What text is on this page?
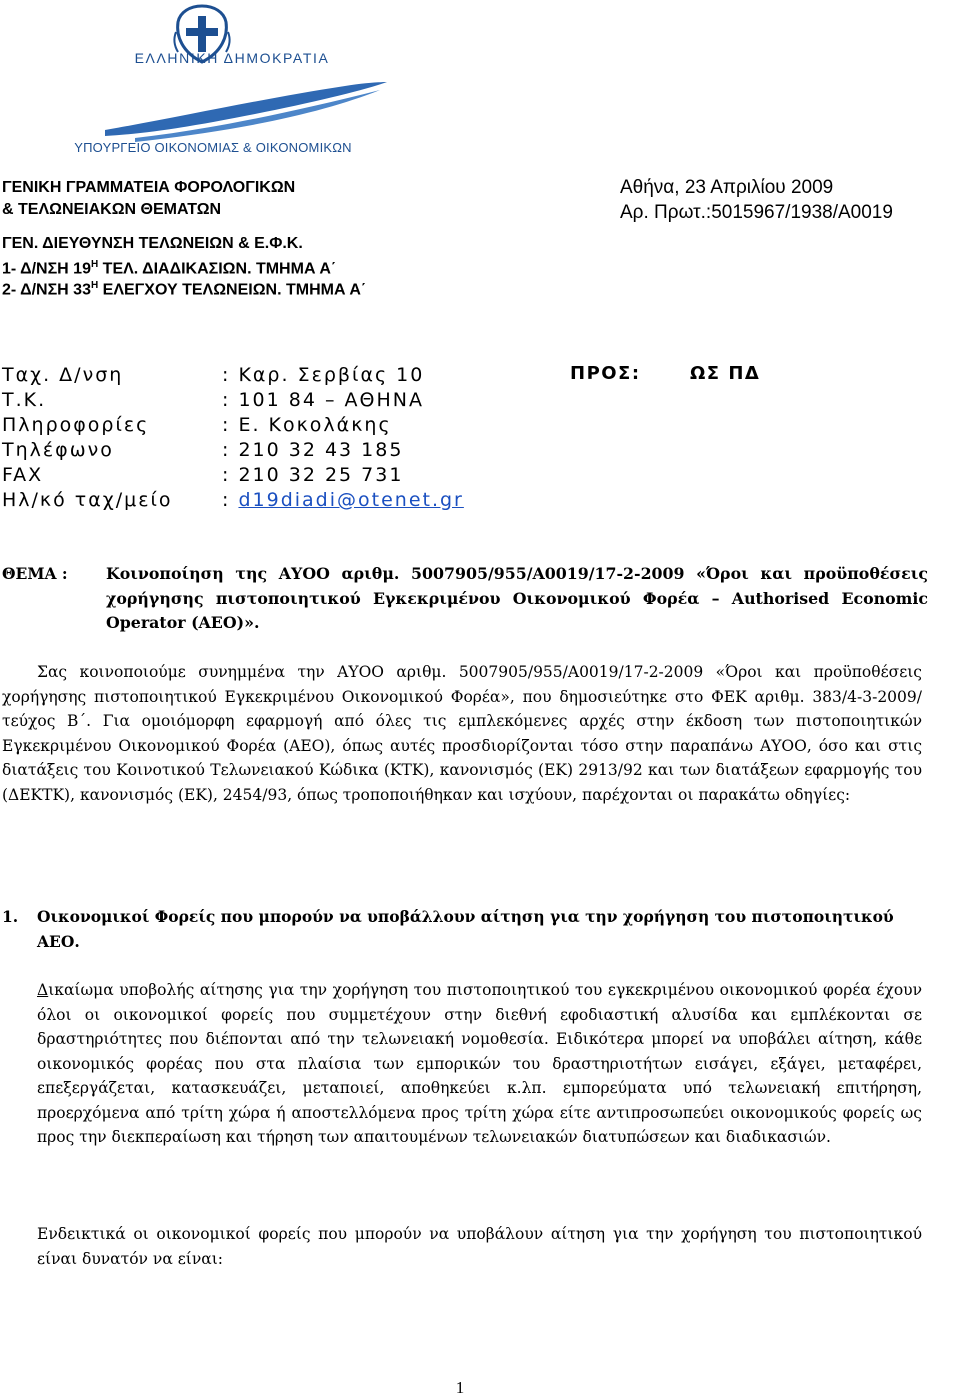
ΕΛΛΗΝΙΚΗ ΔΗΜΟΚΡΑΤΙΑ
ΥΠΟΥΡΓΕΙΟ ΟΙΚΟΝΟΜΙΑΣ & ΟΙΚΟΝΟΜΙΚΩΝ
ΓΕΝΙΚΗ ΓΡΑΜΜΑΤΕΙΑ ΦΟΡΟΛΟΓΙΚΩΝ
& ΤΕΛΩΝΕΙΑΚΩΝ ΘΕΜΑΤΩΝ
ΓΕΝ. ΔΙΕΥΘΥΝΣΗ ΤΕΛΩΝΕΙΩΝ & Ε.Φ.Κ.
1- Δ/ΝΣΗ $19^H$ ΤΕΛ. ΔΙΑΔΙΚΑΣΙΩΝ. ΤΜΗΜΑ Α΄
2- Δ/ΝΣΗ $33^H$ ΕΛΕΓΧΟΥ ΤΕΛΩΝΕΙΩΝ. ΤΜΗΜΑ Α΄
Αθήνα, 23 Απριλίου 2009
Αρ. Πρωτ.:5015967/1938/Α0019
Ταχ. Δ/νση	: Καρ. Σερβίας 10
Τ.Κ.	: 101 84 – ΑΘΗΝΑ
Πληροφορίες	: Ε. Κοκολάκης
Τηλέφωνο	: 210 32 43 185
FAX	: 210 32 25 731
Ηλ/κό ταχ/μείο	: d19diadi@otenet.gr
ΠΡΟΣ:	ΩΣ ΠΔ
ΘΕΜΑ : Κοινοποίηση της ΑΥΟΟ αριθμ. 5007905/955/Α0019/17-2-2009 «Όροι και προϋποθέσεις χορήγησης πιστοποιητικού Εγκεκριμένου Οικονομικού Φορέα – Authorised Economic Operator (AEO)».
Σας κοινοποιούμε συνημμένα την ΑΥΟΟ αριθμ. 5007905/955/Α0019/17-2-2009 «Όροι και προϋποθέσεις χορήγησης πιστοποιητικού Εγκεκριμένου Οικονομικού Φορέα», που δημοσιεύτηκε στο ΦΕΚ αριθμ. 383/4-3-2009/τεύχος Β΄. Για ομοιόμορφη εφαρμογή από όλες τις εμπλεκόμενες αρχές στην έκδοση των πιστοποιητικών Εγκεκριμένου Οικονομικού Φορέα (ΑΕΟ), όπως αυτές προσδιορίζονται τόσο στην παραπάνω ΑΥΟΟ, όσο και στις διατάξεις του Κοινοτικού Τελωνειακού Κώδικα (ΚΤΚ), κανονισμός (ΕΚ) 2913/92 και των διατάξεων εφαρμογής του (ΔΕΚΤΚ), κανονισμός (ΕΚ), 2454/93, όπως τροποποιήθηκαν και ισχύουν, παρέχονται οι παρακάτω οδηγίες:
1. Οικονομικοί Φορείς που μπορούν να υποβάλλουν αίτηση για την χορήγηση του πιστοποιητικού ΑΕΟ.
Δικαίωμα υποβολής αίτησης για την χορήγηση του πιστοποιητικού του εγκεκριμένου οικονομικού φορέα έχουν όλοι οι οικονομικοί φορείς που συμμετέχουν στην διεθνή εφοδιαστική αλυσίδα και εμπλέκονται σε δραστηριότητες που διέπονται από την τελωνειακή νομοθεσία. Ειδικότερα μπορεί να υποβάλει αίτηση, κάθε οικονομικός φορέας που στα πλαίσια των εμπορικών του δραστηριοτήτων εισάγει, εξάγει, μεταφέρει, επεξεργάζεται, κατασκευάζει, μεταποιεί, αποθηκεύει κ.λπ. εμπορεύματα υπό τελωνειακή επιτήρηση, προερχόμενα από τρίτη χώρα ή αποστελλόμενα προς τρίτη χώρα είτε αντιπροσωπεύει οικονομικούς φορείς ως προς την διεκπεραίωση και τήρηση των απαιτουμένων τελωνειακών διατυπώσεων και διαδικασιών.
Ενδεικτικά οι οικονομικοί φορείς που μπορούν να υποβάλουν αίτηση για την χορήγηση του πιστοποιητικού είναι δυνατόν να είναι:
1
